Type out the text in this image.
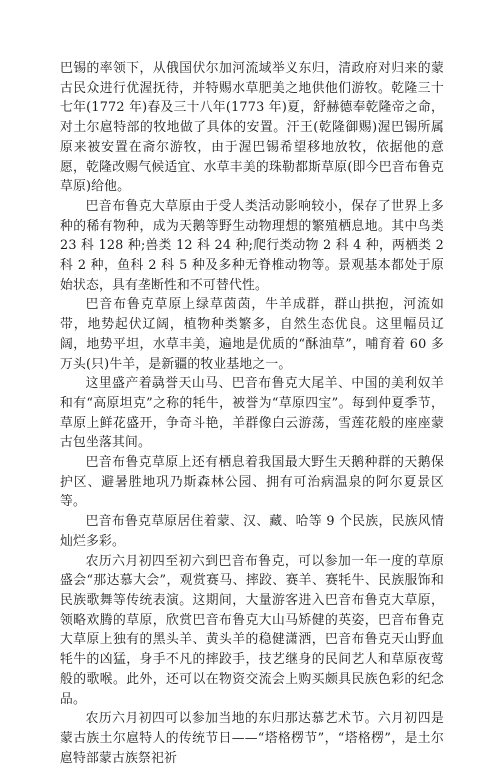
巴锡的率领下，从俄国伏尔加河流域举义东归，清政府对归来的蒙古民众进行优渥抚待，并特赐水草肥美之地供他们游牧。乾隆三十七年(1772 年)春及三十八年(1773 年)夏，舒赫德奉乾隆帝之命，对土尔扈特部的牧地做了具体的安置。汗王(乾隆御赐)渥巴锡所属原来被安置在斋尔游牧，由于渥巴锡希望移地放牧，依据他的意愿，乾隆改赐气候适宜、水草丰美的珠勒都斯草原(即今巴音布鲁克草原)给他。

巴音布鲁克大草原由于受人类活动影响较小，保存了世界上多种的稀有物种，成为天鹅等野生动物理想的繁殖栖息地。其中鸟类 23 科 128 种;兽类 12 科 24 种;爬行类动物 2 科 4 种，两栖类 2 科 2 种，鱼科 2 科 5 种及多种无脊椎动物等。景观基本都处于原始状态，具有垄断性和不可替代性。

巴音布鲁克草原上绿草茵茵，牛羊成群，群山拱抱，河流如带，地势起伏辽阔，植物种类繁多，自然生态优良。这里幅员辽阔，地势平坦，水草丰美，遍地是优质的“酥油草”，哺育着 60 多万头(只)牛羊，是新疆的牧业基地之一。

这里盛产着骉誉天山马、巴音布鲁克大尾羊、中国的美利奴羊和有“高原坦克”之称的牦牛，被誉为“草原四宝”。每到仲夏季节，草原上鲜花盛开，争奇斗艳，羊群像白云游荡，雪莲花般的座座蒙古包坐落其间。

巴音布鲁克草原上还有栖息着我国最大野生天鹅种群的天鹅保护区、避暑胜地巩乃斯森林公园、拥有可治病温泉的阿尔夏景区等。

巴音布鲁克草原居住着蒙、汉、藏、哈等 9 个民族，民族风情灿烂多彩。

农历六月初四至初六到巴音布鲁克，可以参加一年一度的草原盛会“那达慕大会”，观赏赛马、摔跤、赛羊、赛牦牛、民族服饰和民族歌舞等传统表演。这期间，大量游客进入巴音布鲁克大草原，领略欢腾的草原，欣赏巴音布鲁克大山马矫健的英姿，巴音布鲁克大草原上独有的黑头羊、黄头羊的稳健潇洒，巴音布鲁克天山野血牦牛的凶猛，身手不凡的摔跤手，技艺继身的民间艺人和草原夜莺般的歌喉。此外，还可以在物资交流会上购买颇具民族色彩的纪念品。

农历六月初四可以参加当地的东归那达慕艺术节。六月初四是蒙古族土尔扈特人的传统节日——“塔格楞节”，“塔格楞”，是土尔扈特部蒙古族祭祀祈
